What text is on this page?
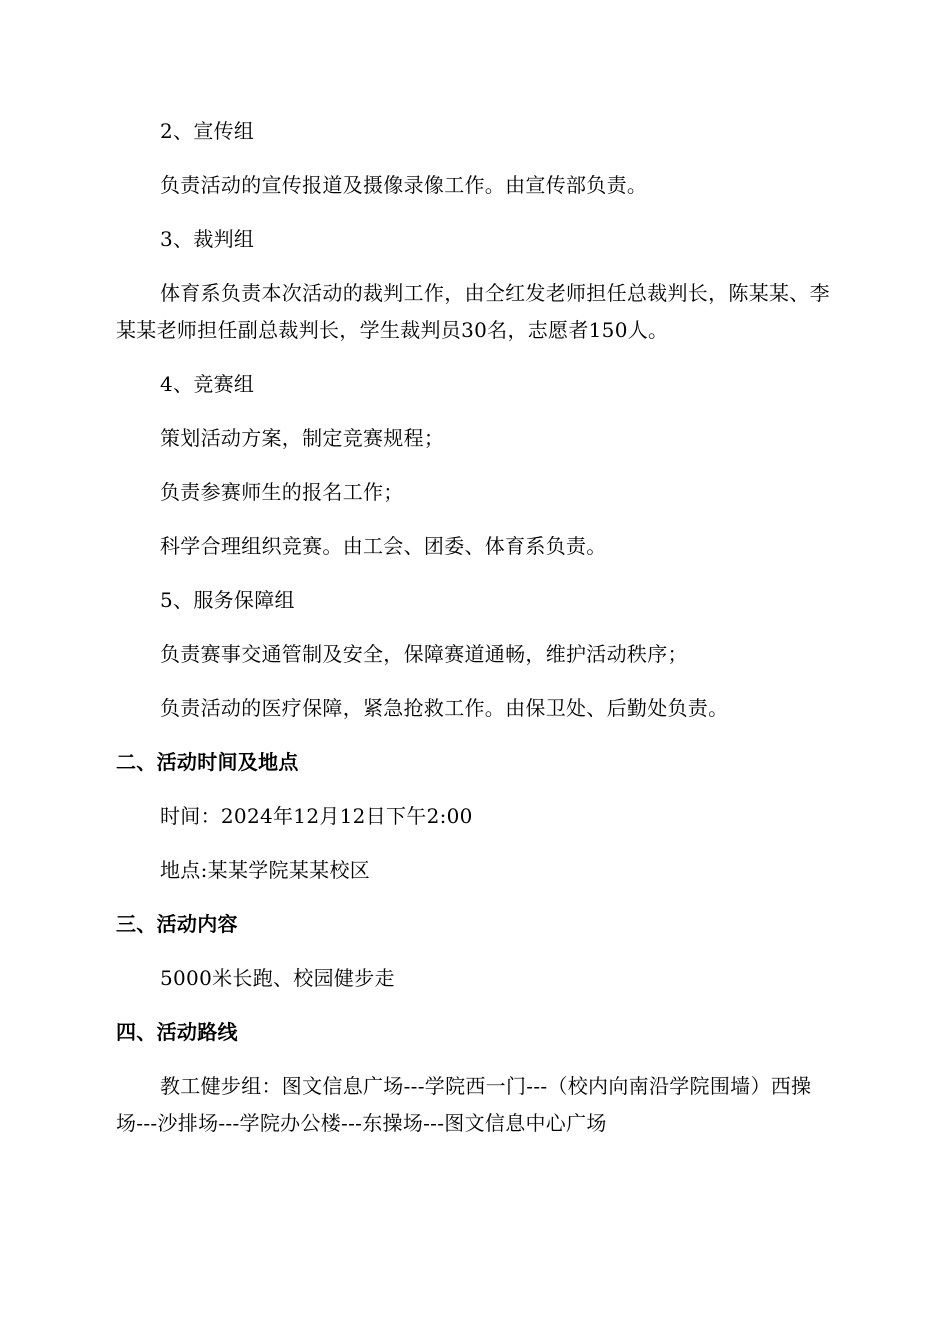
2、宣传组

负责活动的宣传报道及摄像录像工作。由宣传部负责。

3、裁判组

体育系负责本次活动的裁判工作，由仝红发老师担任总裁判长，陈某某、李某某老师担任副总裁判长，学生裁判员30名，志愿者150人。

4、竞赛组

策划活动方案，制定竞赛规程；

负责参赛师生的报名工作；

科学合理组织竞赛。由工会、团委、体育系负责。

5、服务保障组

负责赛事交通管制及安全，保障赛道通畅，维护活动秩序；

负责活动的医疗保障，紧急抢救工作。由保卫处、后勤处负责。

二、活动时间及地点

时间：2024年12月12日下午2:00

地点:某某学院某某校区

三、活动内容

5000米长跑、校园健步走

四、活动路线

教工健步组：图文信息广场---学院西一门---（校内向南沿学院围墙）西操场---沙排场---学院办公楼---东操场---图文信息中心广场
